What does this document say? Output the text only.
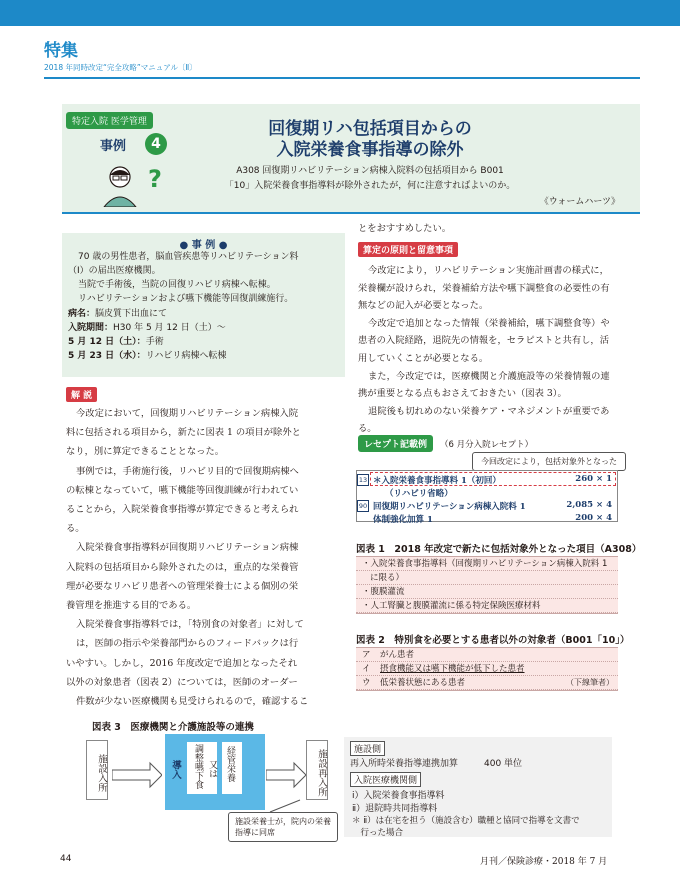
特集
2018 年同時改定“完全攻略”マニュアル〔Ⅱ〕
特定入院 医学管理
事例	4
?
回復期リハ包括項目からの
入院栄養食事指導の除外
A308 回復期リハビリテーション病棟入院料の包括項目から B001
「10」入院栄養食事指導料が除外されたが，何に注意すればよいのか。
《ウォームハーツ》
● 事 例 ●
70 歳の男性患者，脳血管疾患等リハビリテーション料
（Ⅰ）の届出医療機関。
当院で手術後，当院の回復リハビリ病棟へ転棟。
リハビリテーションおよび嚥下機能等回復訓練施行。
病名：脳皮質下出血にて
入院期間：H30 年 5 月 12 日（土）～
5 月 12 日（土）：手術
5 月 23 日（水）：リハビリ病棟へ転棟
解 説
今改定において，回復期リハビリテーション病棟入院
料に包括される項目から，新たに図表 1 の項目が除外と
なり，別に算定できることとなった。
事例では，手術施行後，リハビリ目的で回復期病棟へ
の転棟となっていて，嚥下機能等回復訓練が行われてい
ることから，入院栄養食事指導が算定できると考えられ
る。
入院栄養食事指導料が回復期リハビリテーション病棟
入院料の包括項目から除外されたのは，重点的な栄養管
理が必要なリハビリ患者への管理栄養士による個別の栄
養管理を推進する目的である。
入院栄養食事指導料では，「特別食の対象者」に対して
は，医師の指示や栄養部門からのフィードバックは行
いやすい。しかし，2016 年度改定で追加となったそれ
以外の対象患者（図表 2）については，医師のオーダー
件数が少ない医療機関も見受けられるので，確認するこ
とをおすすめしたい。
算定の原則と留意事項
今改定により，リハビリテーション実施計画書の様式に，
栄養欄が設けられ，栄養補給方法や嚥下調整食の必要性の有
無などの記入が必要となった。
今改定で追加となった情報（栄養補給，嚥下調整食等）や
患者の入院経路，退院先の情報を，セラピストと共有し，活
用していくことが必要となる。
また，今改定では，医療機関と介護施設等の栄養情報の連
携が重要となる点もおさえておきたい（図表 3）。
退院後も切れめのない栄養ケア・マネジメントが重要であ
る。
レセプト記載例	（6 月分入院レセプト）
今回改定により，包括対象外となった
13 ＊入院栄養食事指導料 1（初回）	260 × 1
（リハビリ省略）
90 回復期リハビリテーション病棟入院料 1	2,085 × 4
体制強化加算 1	200 × 4
図表 1　2018 年改定で新たに包括対象外となった項目（A308）
・入院栄養食事指導料（回復期リハビリテーション病棟入院料 1
に限る）
・腹膜灌流
・人工腎臓と腹膜灌流に係る特定保険医療材料
図表 2　特別食を必要とする患者以外の対象者（B001「10」）
ア がん患者
イ 摂食機能又は嚥下機能が低下した患者
ウ 低栄養状態にある患者	（下線筆者）
図表 3　医療機関と介護施設等の連携
施設入所	調整嚥下食 又は 経管栄養
導入	施設再入所
施設栄養士が，院内の栄養指導に同席
施設側
再入所時栄養指導連携加算	400 単位
入院医療機関側
ⅰ）入院栄養食事指導料
ⅱ）退院時共同指導料
＊ ⅱ）は在宅を担う（施設含む）職種と協同で指導を文書で
　行った場合
44	月刊／保険診療・2018 年 7 月
